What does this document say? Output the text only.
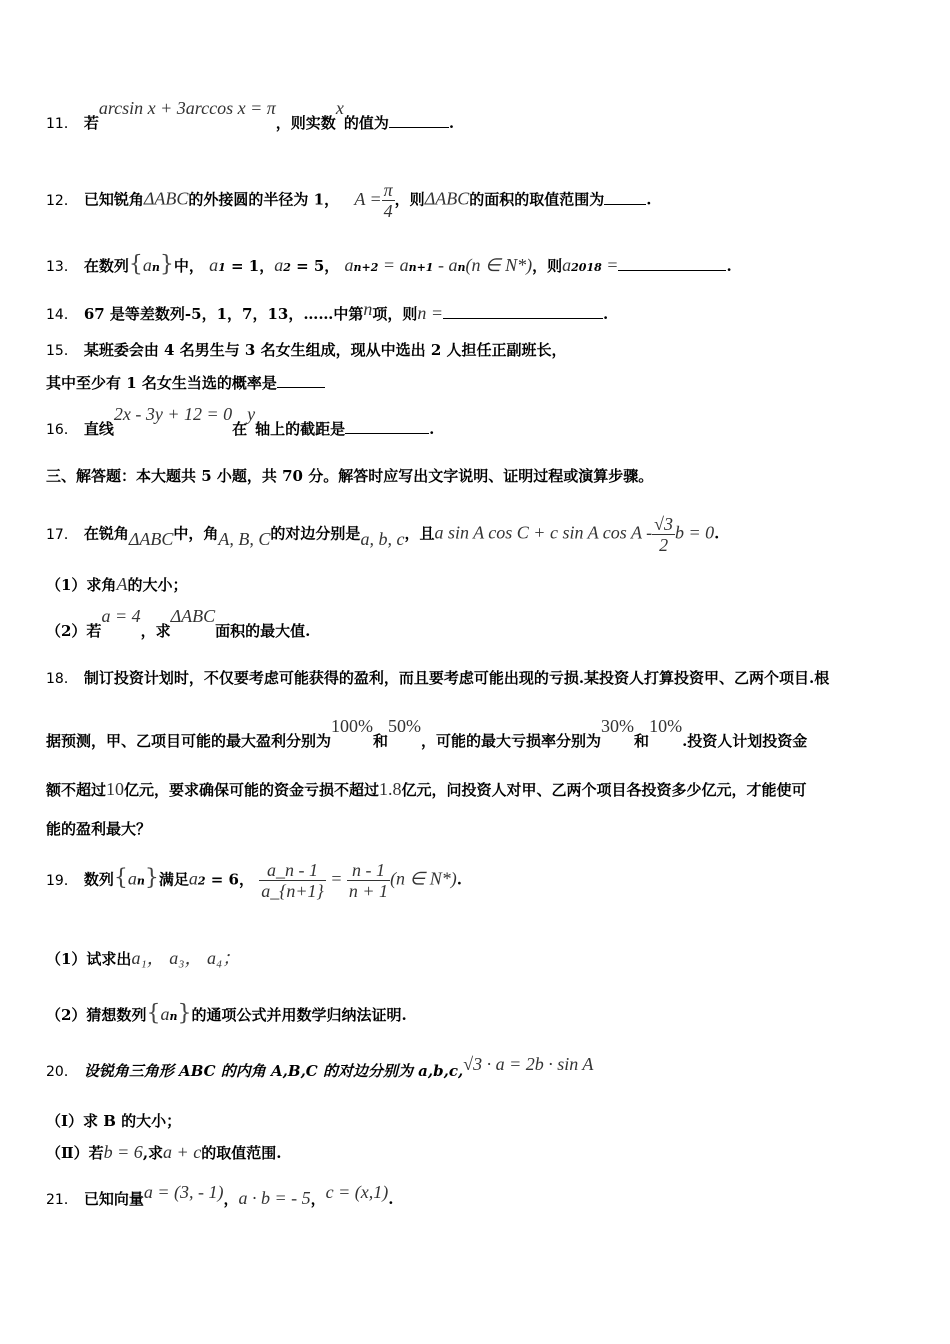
11． 若arcsin x + 3arccos x = π，则实数x的值为	.
12． 已知锐角ΔABC的外接圆的半径为 1， $A = \frac{\pi}{4}$ ，则ΔABC的面积的取值范围为	.
13． 在数列{an}中， a1 = 1，a2 = 5， an+2 = an+1 - an(n ∈ N*)，则a2018 =	.
14． 67 是等差数列-5，1，7，13，……中第n项，则n =	.
15． 某班委会由 4 名男生与 3 名女生组成，现从中选出 2 人担任正副班长，
其中至少有 1 名女生当选的概率是
16． 直线2x - 3y + 12 = 0在y轴上的截距是	.
三、解答题：本大题共 5 小题，共 70 分。解答时应写出文字说明、证明过程或演算步骤。
17． 在锐角ΔABC中，角A, B, C的对边分别是a, b, c，且a sin A cos C + c sin A cos A - $\frac{√3}{2}$ b = 0.
（1）求角A的大小；
（2）若a = 4，求ΔABC面积的最大值.
18． 制订投资计划时，不仅要考虑可能获得的盈利，而且要考虑可能出现的亏损.某投资人打算投资甲、乙两个项目.根
据预测，甲、乙项目可能的最大盈利分别为100%和50%，可能的最大亏损率分别为30%和10%.投资人计划投资金
额不超过10亿元，要求确保可能的资金亏损不超过1.8亿元，问投资人对甲、乙两个项目各投资多少亿元，才能使可
能的盈利最大？
19． 数列{an}满足a2 = 6， $\frac{a\_n - 1}{a\_\{n+1\}} = \frac{n - 1}{n + 1} (n$ ∈ N*).
（1）试求出a₁， a₃， a₄；
（2）猜想数列{an}的通项公式并用数学归纳法证明.
20． 设锐角三角形 ABC 的内角 A,B,C 的对边分别为 a,b,c,√3 · a = 2b · sin A
（Ⅰ）求 B 的大小；
（Ⅱ）若b = 6,求a + c的取值范围.
21． 已知向量a = (3, - 1)，a · b = - 5，c = (x,1).
